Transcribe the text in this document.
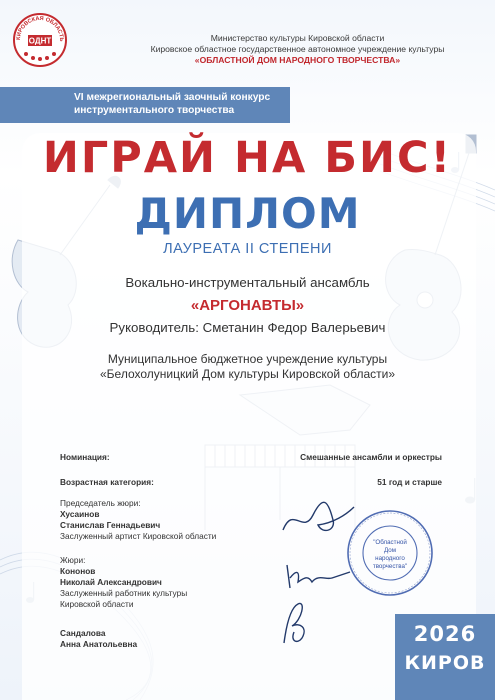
КИРОВСКАЯ ОБЛАСТЬ
ОДНТ	Министерство культуры Кировской области
Кировское областное государственное автономное учреждение культуры
«ОБЛАСТНОЙ ДОМ НАРОДНОГО ТВОРЧЕСТВА»
VI межрегиональный заочный конкурс
инструментального творчества
ИГРАЙ НА БИС!
ДИПЛОМ
ЛАУРЕАТА II СТЕПЕНИ
Вокально-инструментальный ансамбль
«АРГОНАВТЫ»
Руководитель: Сметанин Федор Валерьевич
Муниципальное бюджетное учреждение культуры
«Белохолуницкий Дом культуры Кировской области»
Номинация:	Смешанные ансамбли и оркестры
Возрастная категория:	51 год и старше
Председатель жюри:
Хусаинов
Станислав Геннадьевич
Заслуженный артист Кировской области
Жюри:
Кононов
Николай Александрович
Заслуженный работник культуры
Кировской области
Сандалова
Анна Анатольевна
"Областной
Дом
народного
творчества"
2026
КИРОВ
